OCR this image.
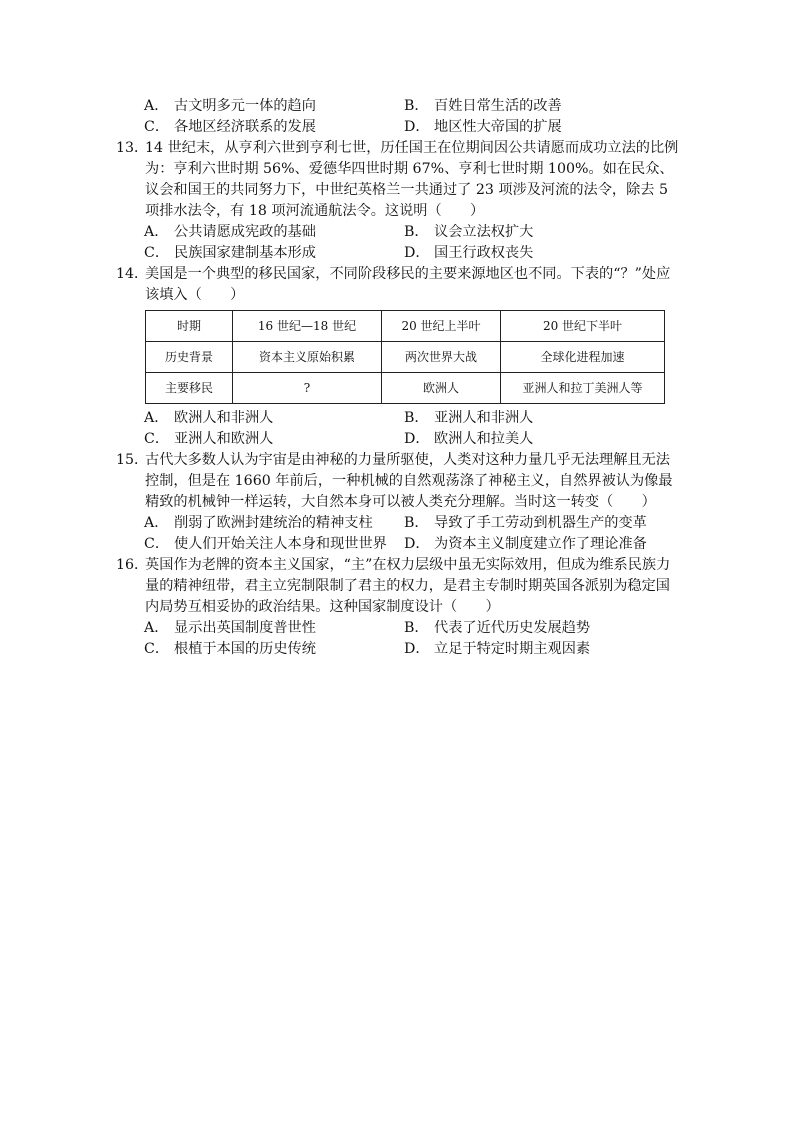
A． 古文明多元一体的趋向	B． 百姓日常生活的改善
C． 各地区经济联系的发展	D． 地区性大帝国的扩展
13．
14 世纪末，从亨利六世到亨利七世，历任国王在位期间因公共请愿而成功立法的比例为：亨利六世时期 56%、爱德华四世时期 67%、亨利七世时期 100%。如在民众、议会和国王的共同努力下，中世纪英格兰一共通过了 23 项涉及河流的法令，除去 5 项排水法令，有 18 项河流通航法令。这说明（　　）
A． 公共请愿成宪政的基础	B． 议会立法权扩大
C． 民族国家建制基本形成	D． 国王行政权丧失
14．
美国是一个典型的移民国家，不同阶段移民的主要来源地区也不同。下表的“？”处应该填入（　　）
时期	16 世纪—18 世纪	20 世纪上半叶	20 世纪下半叶
历史背景	资本主义原始积累	两次世界大战	全球化进程加速
主要移民	?	欧洲人	亚洲人和拉丁美洲人等
A． 欧洲人和非洲人	B． 亚洲人和非洲人
C． 亚洲人和欧洲人	D． 欧洲人和拉美人
15．
古代大多数人认为宇宙是由神秘的力量所驱使，人类对这种力量几乎无法理解且无法控制，但是在 1660 年前后，一种机械的自然观荡涤了神秘主义，自然界被认为像最精致的机械钟一样运转，大自然本身可以被人类充分理解。当时这一转变（　　）
A． 削弱了欧洲封建统治的精神支柱	B． 导致了手工劳动到机器生产的变革
C． 使人们开始关注人本身和现世世界	D． 为资本主义制度建立作了理论准备
16．
英国作为老牌的资本主义国家，“主”在权力层级中虽无实际效用，但成为维系民族力量的精神纽带，君主立宪制限制了君主的权力，是君主专制时期英国各派别为稳定国内局势互相妥协的政治结果。这种国家制度设计（　　）
A． 显示出英国制度普世性	B． 代表了近代历史发展趋势
C． 根植于本国的历史传统	D． 立足于特定时期主观因素
